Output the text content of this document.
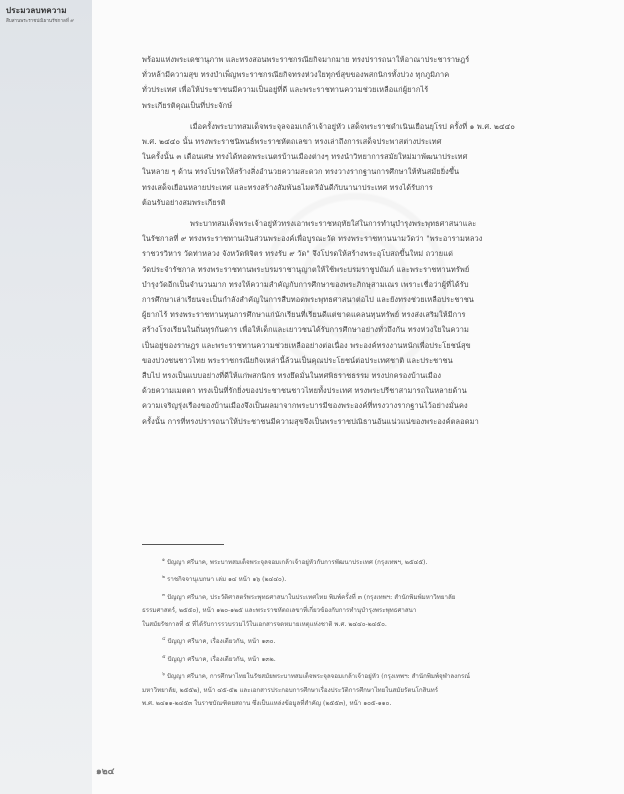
ประมวลบทความ
สืบสานพระราชปณิธานรัชกาลที่ ๙
พร้อมแห่งพระเดชานุภาพ และทรงสอนพระราชกรณียกิจมากมาย ทรงปรารถนาให้อาณาประชาราษฎร์
ทั่วหล้ามีความสุข ทรงบำเพ็ญพระราชกรณียกิจทรงห่วงใยทุกข์สุขของพสกนิกรทั้งปวง ทุกภูมิภาค
ทั่วประเทศ เพื่อให้ประชาชนมีความเป็นอยู่ที่ดี และพระราชทานความช่วยเหลือแก่ผู้ยากไร้
พระเกียรติคุณเป็นที่ประจักษ์
เมื่อครั้งพระบาทสมเด็จพระจุลจอมเกล้าเจ้าอยู่หัว เสด็จพระราชดำเนินเยือนยุโรป ครั้งที่ ๑ พ.ศ. ๒๔๔๐
พ.ศ. ๒๔๔๐ นั้น ทรงพระราชนิพนธ์พระราชหัตถเลขา ทรงเล่าถึงการเสด็จประพาสต่างประเทศ
ในครั้งนั้น ๓ เดือนเศษ ทรงได้ทอดพระเนตรบ้านเมืองต่างๆ ทรงนำวิทยาการสมัยใหม่มาพัฒนาประเทศ
ในหลาย ๆ ด้าน ทรงโปรดให้สร้างสิ่งอำนวยความสะดวก ทรงวางรากฐานการศึกษาให้ทันสมัยยิ่งขึ้น
ทรงเสด็จเยือนหลายประเทศ และทรงสร้างสัมพันธไมตรีอันดีกับนานาประเทศ ทรงได้รับการ
ต้อนรับอย่างสมพระเกียรติ
พระบาทสมเด็จพระเจ้าอยู่หัวทรงเอาพระราชหฤทัยใส่ในการทำนุบำรุงพระพุทธศาสนาและ
ในรัชกาลที่ ๙ ทรงพระราชทานเงินส่วนพระองค์เพื่อบูรณะวัด ทรงพระราชทานนามวัดว่า "พระอารามหลวง
ราชวรวิหาร วัดท่าหลวง จังหวัดพิจิตร ทรงรับ ๙ วัด" จึงโปรดให้สร้างพระอุโบสถขึ้นใหม่ ถวายแด่
วัดประจำรัชกาล ทรงพระราชทานพระบรมราชานุญาตให้ใช้พระบรมราชูปถัมภ์ และพระราชทานทรัพย์
บำรุงวัดอีกเป็นจำนวนมาก ทรงให้ความสำคัญกับการศึกษาของพระภิกษุสามเณร เพราะเชื่อว่าผู้ที่ได้รับ
การศึกษาเล่าเรียนจะเป็นกำลังสำคัญในการสืบทอดพระพุทธศาสนาต่อไป และยังทรงช่วยเหลือประชาชน
ผู้ยากไร้ ทรงพระราชทานทุนการศึกษาแก่นักเรียนที่เรียนดีแต่ขาดแคลนทุนทรัพย์ ทรงส่งเสริมให้มีการ
สร้างโรงเรียนในถิ่นทุรกันดาร เพื่อให้เด็กและเยาวชนได้รับการศึกษาอย่างทั่วถึงกัน ทรงห่วงใยในความ
เป็นอยู่ของราษฎร และพระราชทานความช่วยเหลืออย่างต่อเนื่อง พระองค์ทรงงานหนักเพื่อประโยชน์สุข
ของปวงชนชาวไทย พระราชกรณียกิจเหล่านี้ล้วนเป็นคุณประโยชน์ต่อประเทศชาติ และประชาชน
สืบไป ทรงเป็นแบบอย่างที่ดีให้แก่พสกนิกร ทรงยึดมั่นในทศพิธราชธรรม ทรงปกครองบ้านเมือง
ด้วยความเมตตา ทรงเป็นที่รักยิ่งของประชาชนชาวไทยทั้งประเทศ ทรงพระปรีชาสามารถในหลายด้าน
ความเจริญรุ่งเรืองของบ้านเมืองจึงเป็นผลมาจากพระบารมีของพระองค์ที่ทรงวางรากฐานไว้อย่างมั่นคง
ครั้งนั้น การที่ทรงปรารถนาให้ประชาชนมีความสุขจึงเป็นพระราชปณิธานอันแน่วแน่ของพระองค์ตลอดมา
$^๑$ ปัญญา ศรีนาค, พระบาทสมเด็จพระจุลจอมเกล้าเจ้าอยู่หัวกับการพัฒนาประเทศ (กรุงเทพฯ, ๒๕๔๕).
$^๒$ ราชกิจจานุเบกษา เล่ม ๑๔ หน้า ๑๖ (๒๔๔๐).
$^๓$ ปัญญา ศรีนาค, ประวัติศาสตร์พระพุทธศาสนาในประเทศไทย พิมพ์ครั้งที่ ๓ (กรุงเทพฯ: สำนักพิมพ์มหาวิทยาลัย
ธรรมศาสตร์, ๒๕๕๐), หน้า ๑๒๐-๑๒๕ และพระราชหัตถเลขาที่เกี่ยวข้องกับการทำนุบำรุงพระพุทธศาสนา
ในสมัยรัชกาลที่ ๕ ที่ได้รับการรวบรวมไว้ในเอกสารจดหมายเหตุแห่งชาติ พ.ศ. ๒๔๔๐-๒๔๕๐.
$^๔$ ปัญญา ศรีนาค, เรื่องเดียวกัน, หน้า ๑๓๐.
$^๕$ ปัญญา ศรีนาค, เรื่องเดียวกัน, หน้า ๑๓๒.
$^๖$ ปัญญา ศรีนาค, การศึกษาไทยในรัชสมัยพระบาทสมเด็จพระจุลจอมเกล้าเจ้าอยู่หัว (กรุงเทพฯ: สำนักพิมพ์จุฬาลงกรณ์
มหาวิทยาลัย, ๒๕๕๒), หน้า ๔๕-๕๒ และเอกสารประกอบการศึกษาเรื่องประวัติการศึกษาไทยในสมัยรัตนโกสินทร์
พ.ศ. ๒๔๑๑-๒๔๕๓ ในราชบัณฑิตยสถาน ซึ่งเป็นแหล่งข้อมูลที่สำคัญ (๒๕๕๓), หน้า ๑๐๕-๑๑๐.
๑๒๔
